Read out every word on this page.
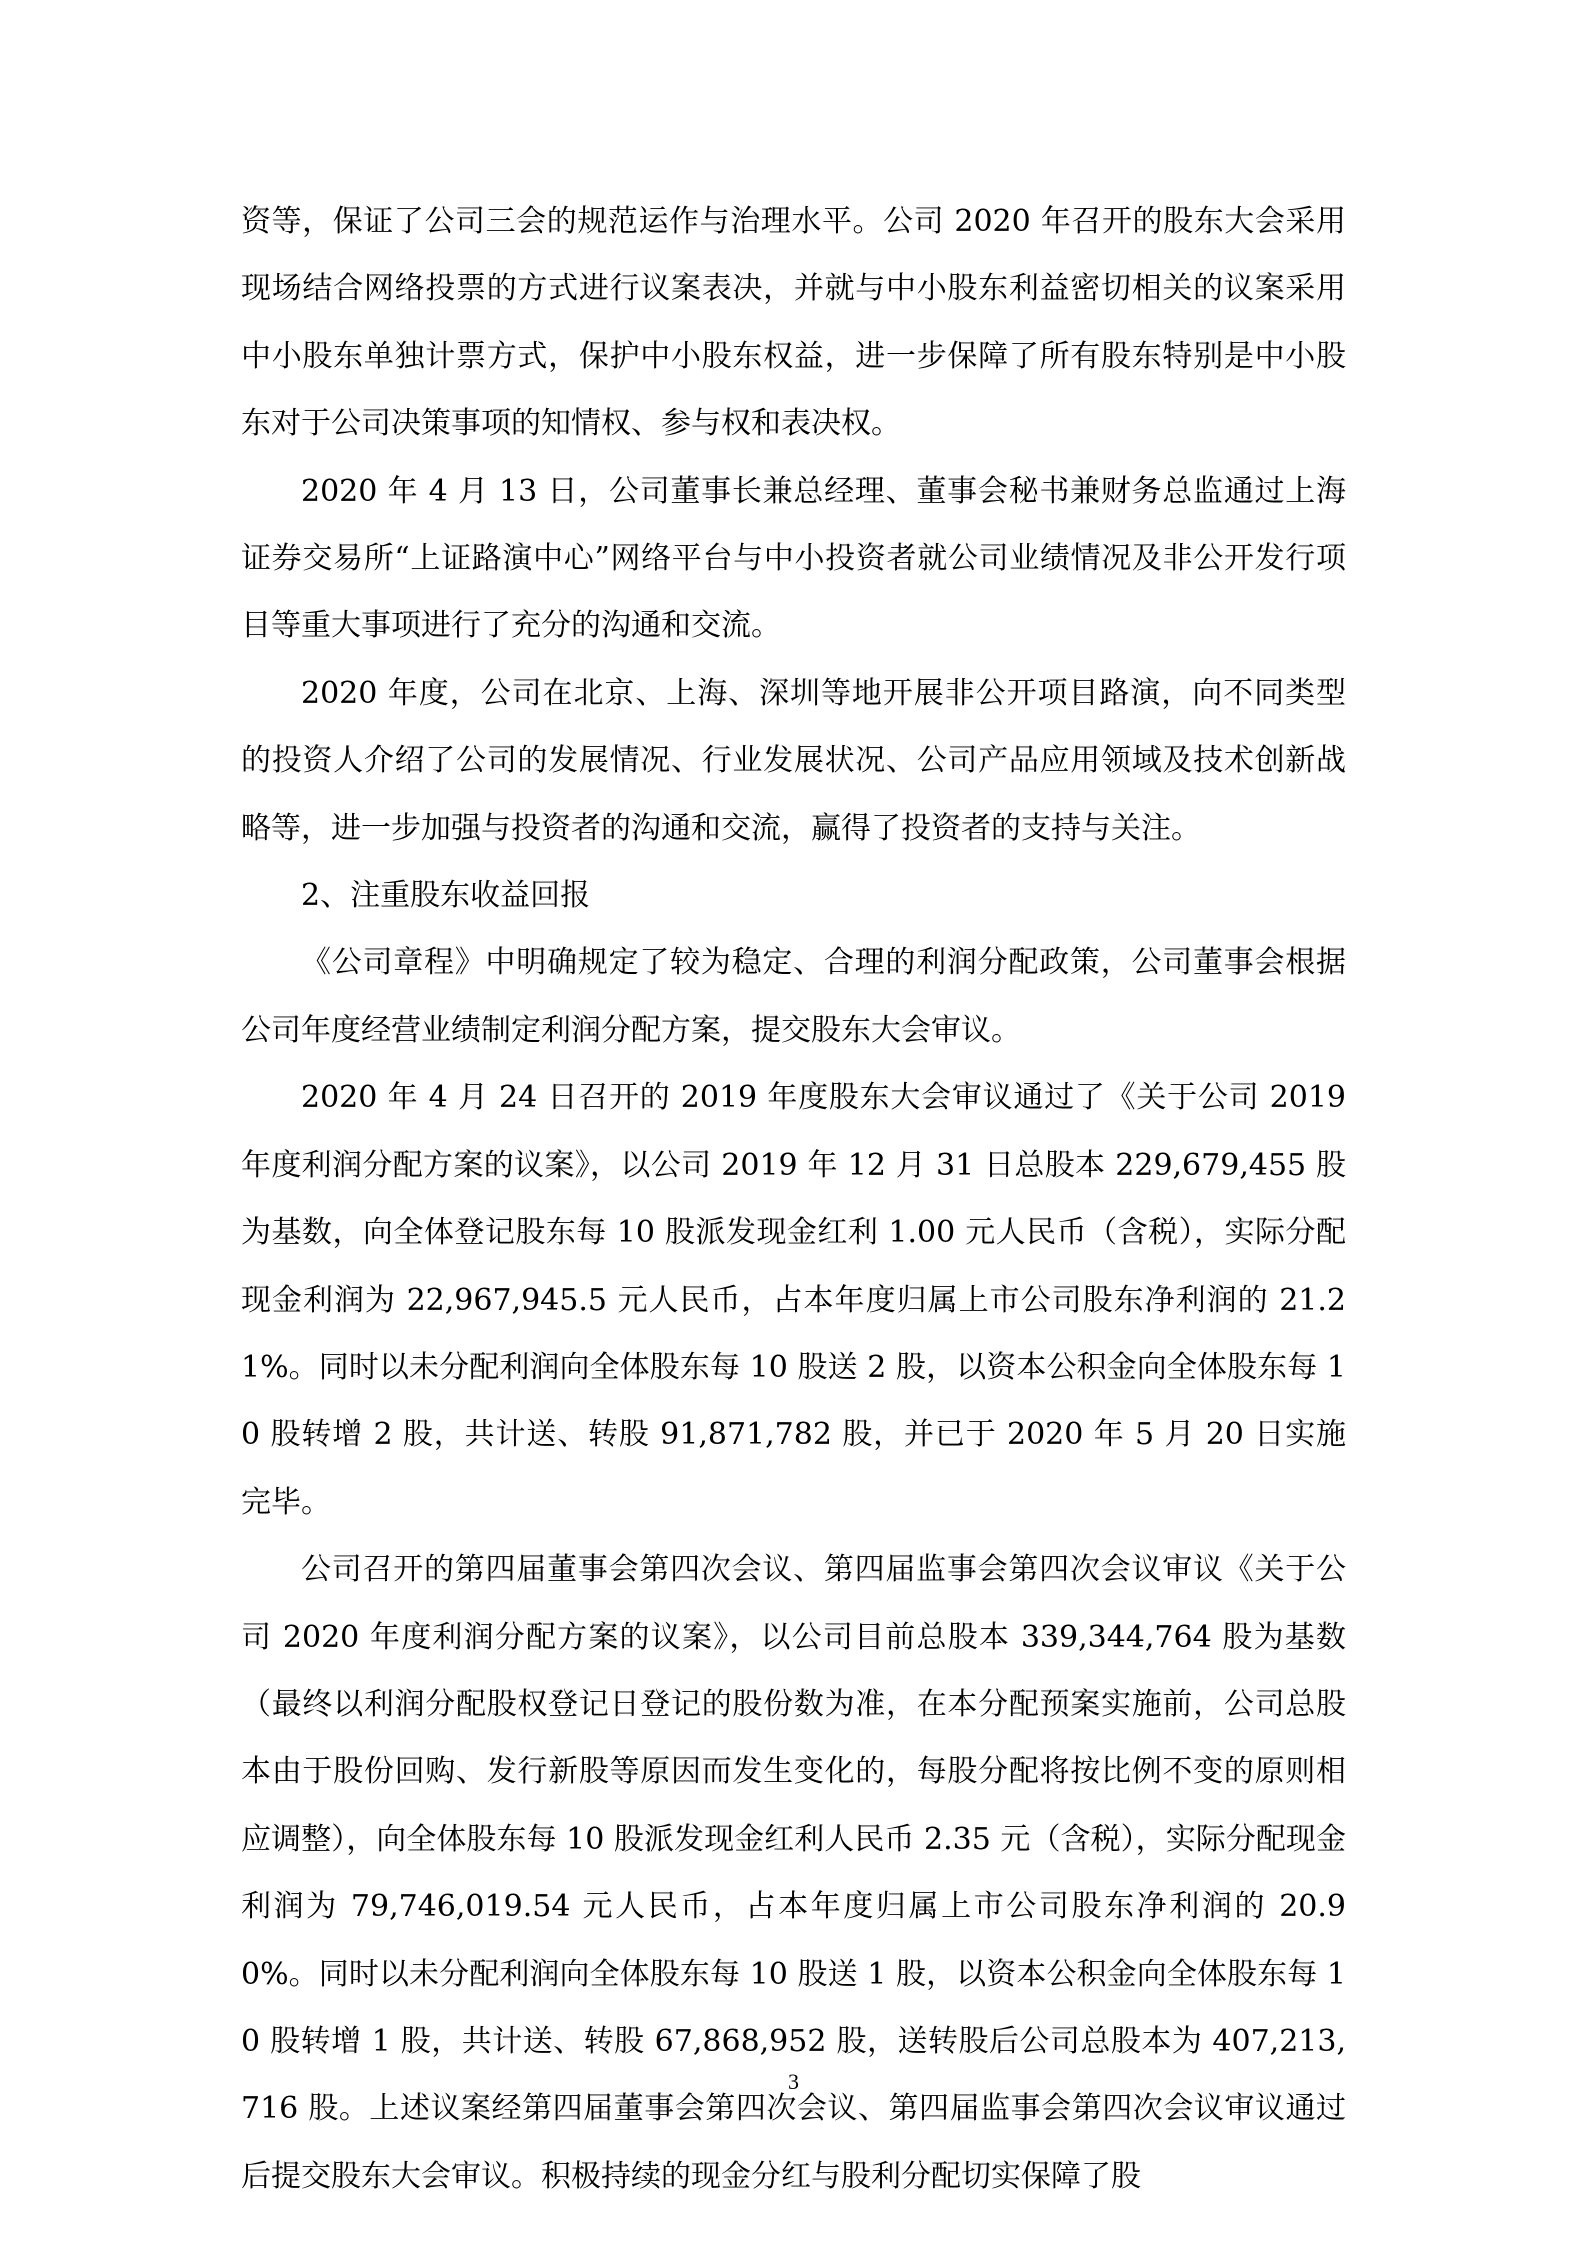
资等，保证了公司三会的规范运作与治理水平。公司 2020 年召开的股东大会采用现场结合网络投票的方式进行议案表决，并就与中小股东利益密切相关的议案采用中小股东单独计票方式，保护中小股东权益，进一步保障了所有股东特别是中小股东对于公司决策事项的知情权、参与权和表决权。

2020 年 4 月 13 日，公司董事长兼总经理、董事会秘书兼财务总监通过上海证券交易所“上证路演中心”网络平台与中小投资者就公司业绩情况及非公开发行项目等重大事项进行了充分的沟通和交流。

2020 年度，公司在北京、上海、深圳等地开展非公开项目路演，向不同类型的投资人介绍了公司的发展情况、行业发展状况、公司产品应用领域及技术创新战略等，进一步加强与投资者的沟通和交流，赢得了投资者的支持与关注。

2、注重股东收益回报

《公司章程》中明确规定了较为稳定、合理的利润分配政策，公司董事会根据公司年度经营业绩制定利润分配方案，提交股东大会审议。

2020 年 4 月 24 日召开的 2019 年度股东大会审议通过了《关于公司 2019 年度利润分配方案的议案》，以公司 2019 年 12 月 31 日总股本 229,679,455 股为基数，向全体登记股东每 10 股派发现金红利 1.00 元人民币（含税），实际分配现金利润为 22,967,945.5 元人民币，占本年度归属上市公司股东净利润的 21.21%。同时以未分配利润向全体股东每 10 股送 2 股，以资本公积金向全体股东每 10 股转增 2 股，共计送、转股 91,871,782 股，并已于 2020 年 5 月 20 日实施完毕。

公司召开的第四届董事会第四次会议、第四届监事会第四次会议审议《关于公司 2020 年度利润分配方案的议案》，以公司目前总股本 339,344,764 股为基数（最终以利润分配股权登记日登记的股份数为准，在本分配预案实施前，公司总股本由于股份回购、发行新股等原因而发生变化的，每股分配将按比例不变的原则相应调整），向全体股东每 10 股派发现金红利人民币 2.35 元（含税），实际分配现金利润为 79,746,019.54 元人民币，占本年度归属上市公司股东净利润的 20.90%。同时以未分配利润向全体股东每 10 股送 1 股，以资本公积金向全体股东每 10 股转增 1 股，共计送、转股 67,868,952 股，送转股后公司总股本为 407,213,716 股。上述议案经第四届董事会第四次会议、第四届监事会第四次会议审议通过后提交股东大会审议。积极持续的现金分红与股利分配切实保障了股

3
